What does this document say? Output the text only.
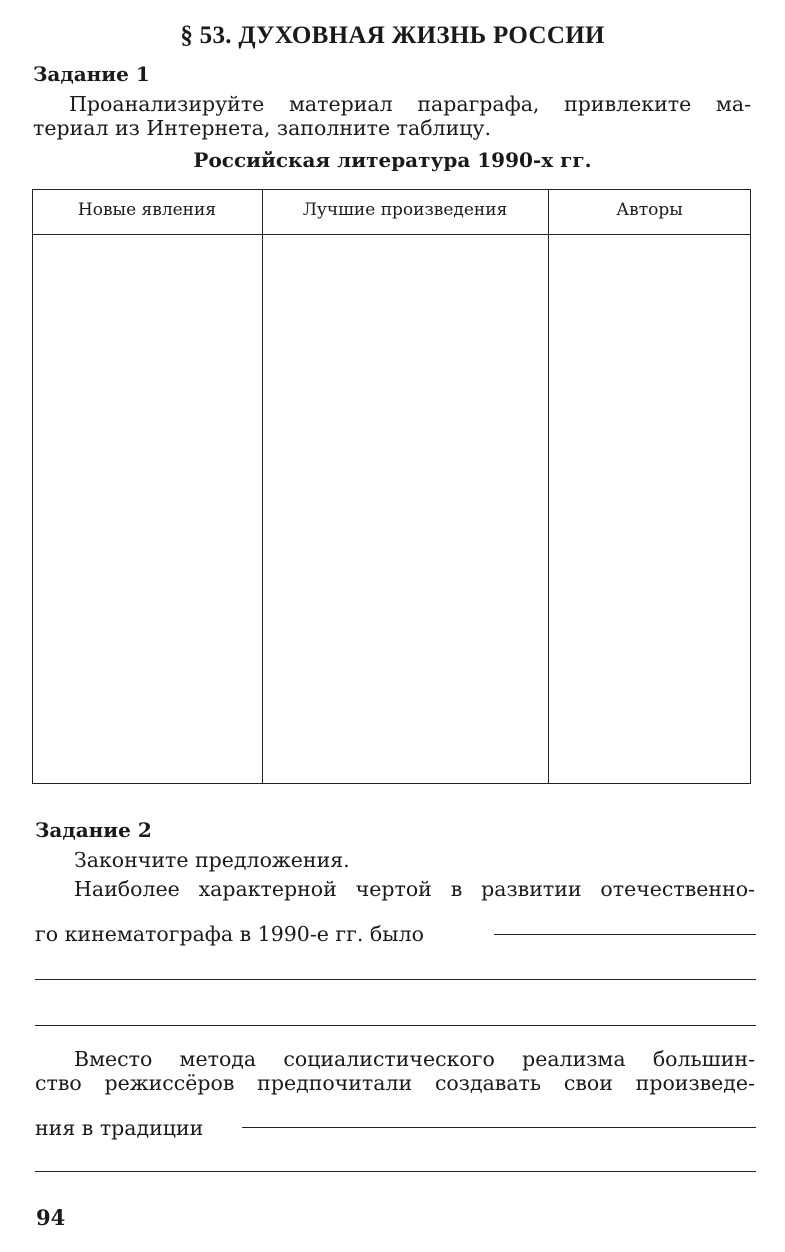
§ 53. ДУХОВНАЯ ЖИЗНЬ РОССИИ
Задание 1
Проанализируйте материал параграфа, привлеките ма-
териал из Интернета, заполните таблицу.
Российская литература 1990-х гг.
Новые явления	Лучшие произведения	Авторы
Задание 2
Закончите предложения.
Наиболее характерной чертой в развитии отечественно-
го кинематографа в 1990-е гг. было
Вместо метода социалистического реализма большин-
ство режиссёров предпочитали создавать свои произведе-
ния в традиции
94
